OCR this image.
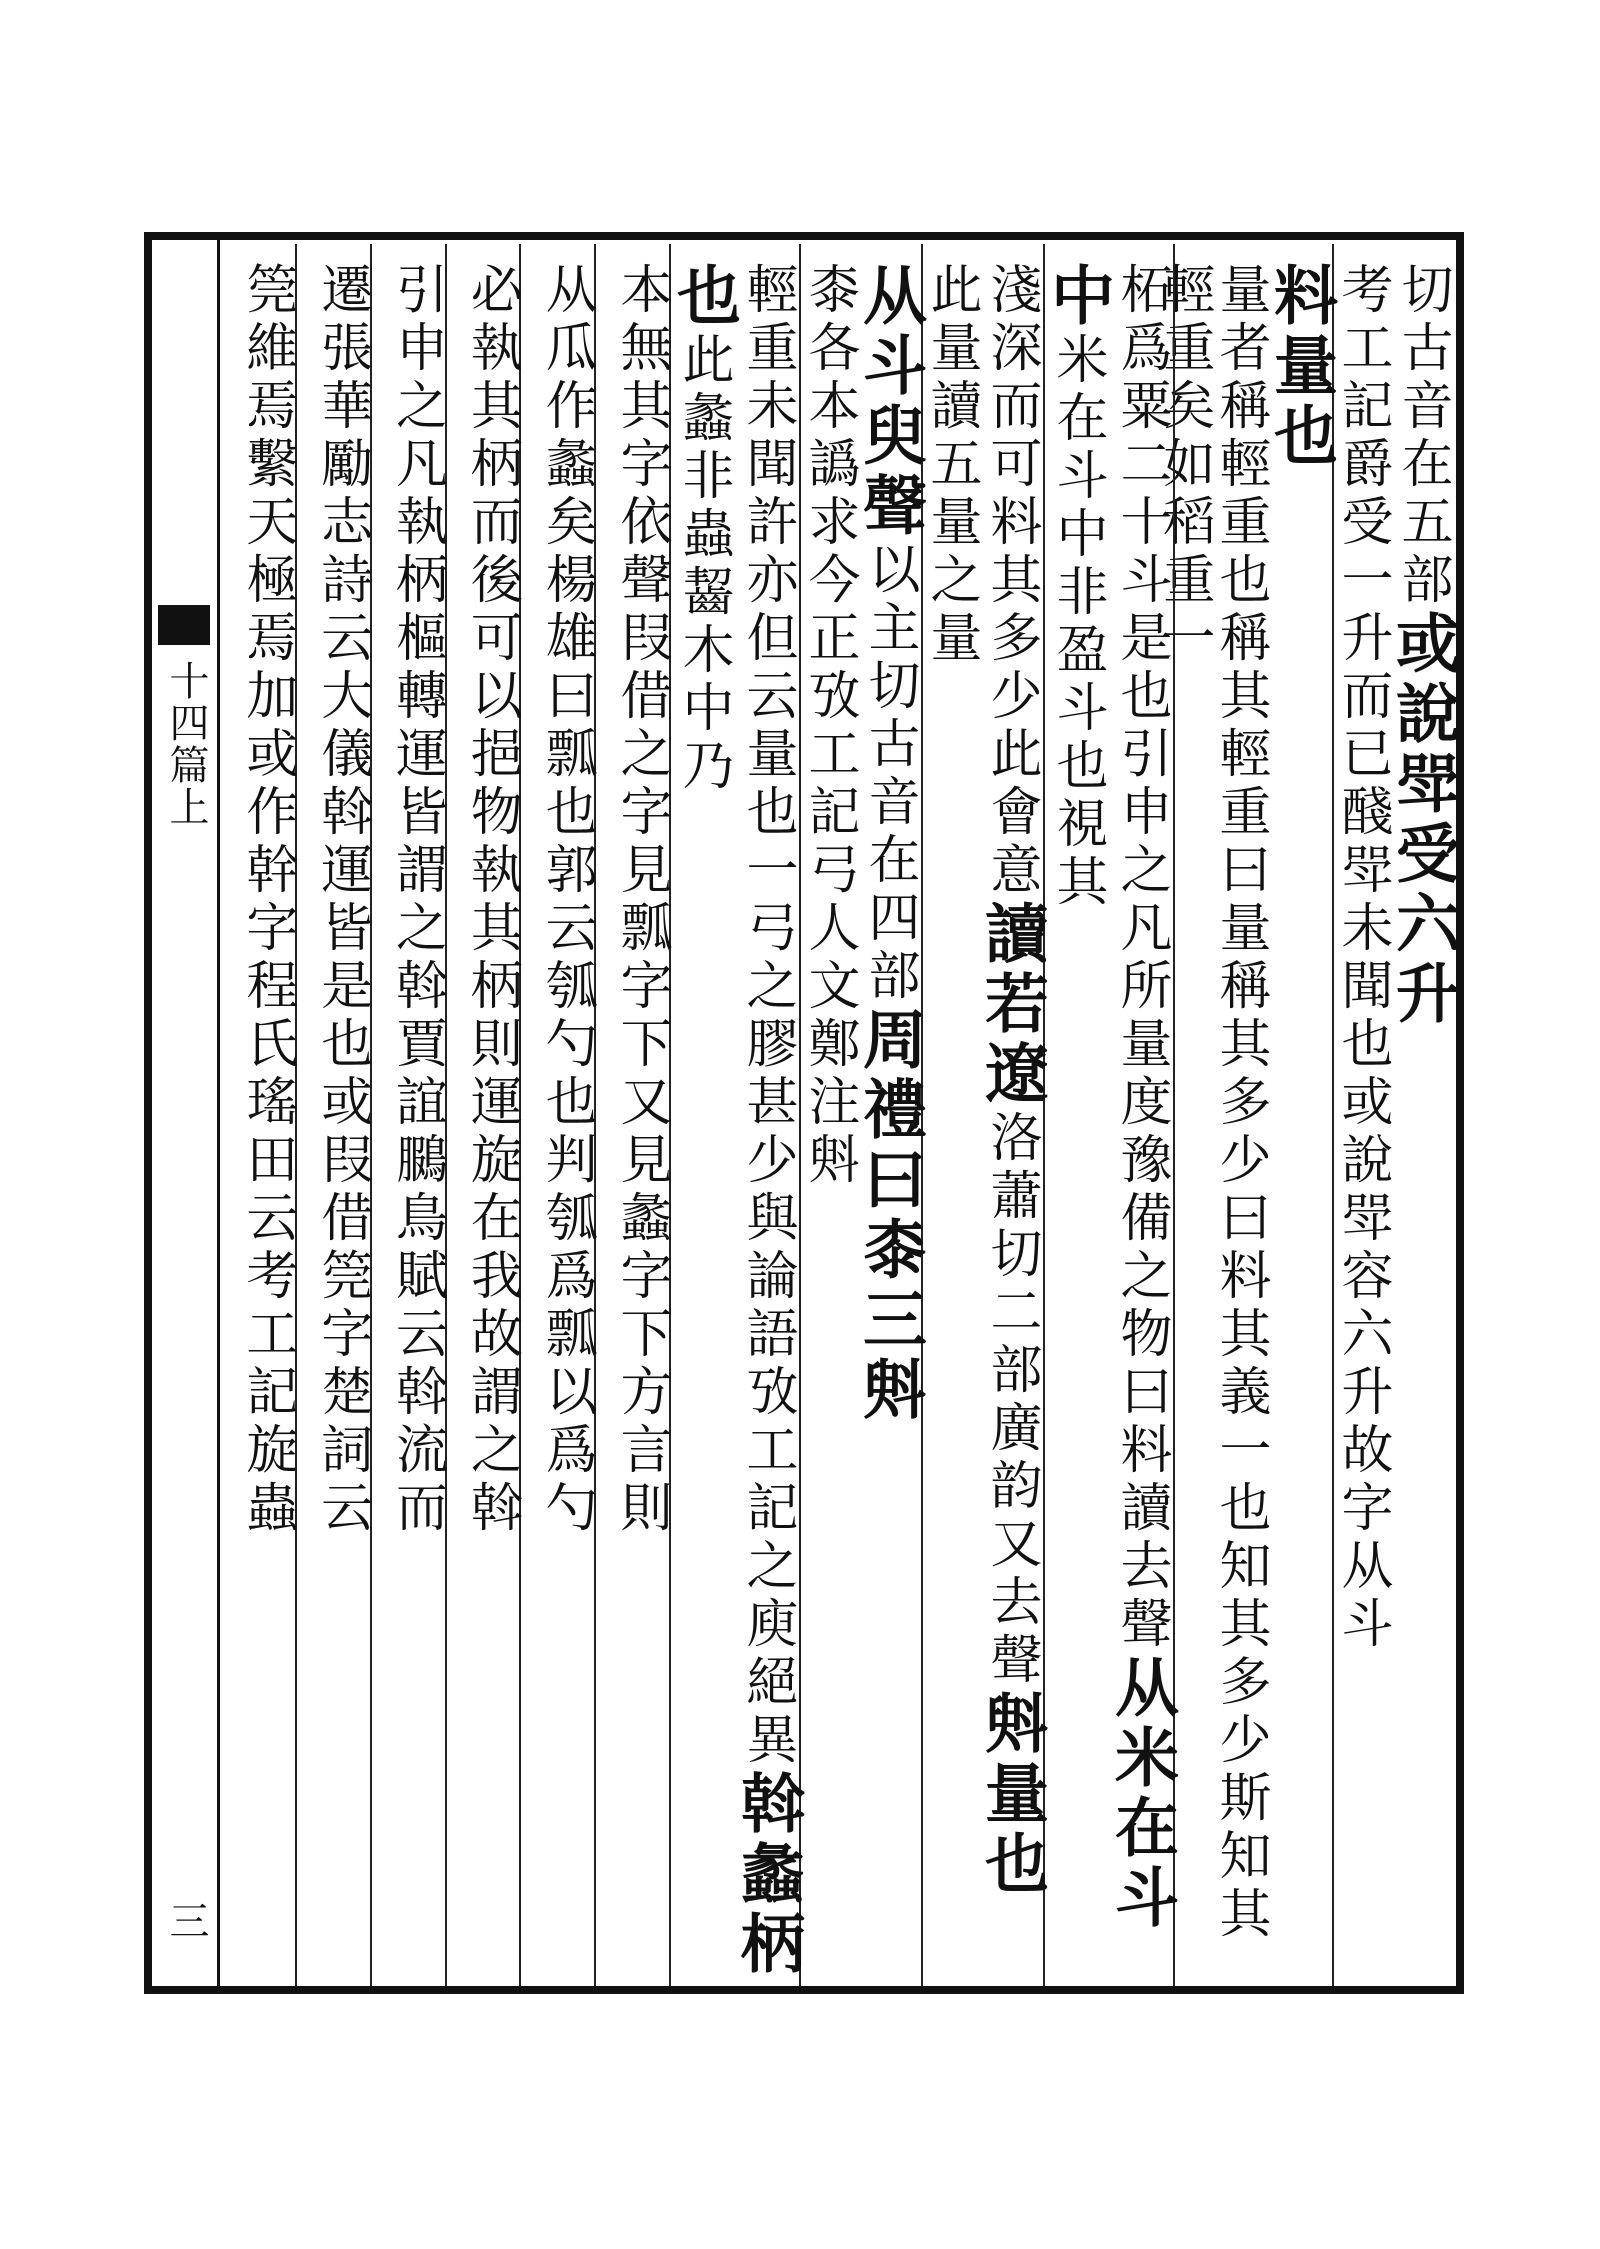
十四篇上
三
切古音在五部或說斝受六升考工記爵受一升而已醆斝未聞也或說斝容六升故字从斗
料量也量者稱輕重也稱其輕重曰量稱其多少曰料其義一也知其多少斯知其輕重矣如稻重一
柘爲粟二十斗是也引申之凡所量度豫備之物曰料讀去聲从米在斗中米在斗中非盈斗也視其
淺深而可料其多少此會意讀若遼洛蕭切二部廣韵又去聲斞量也此量讀五量之量
从斗臾聲以主切古音在四部周禮曰桼三斞桼各本譌求今正攷工記弓人文鄭注斞
輕重未聞許亦但云量也一弓之膠甚少與論語攷工記之庾絕異斡蠡柄也此蠡非蟲齧木中乃
本無其字依聲叚借之字見瓢字下又見蠡字下方言則
从瓜作蠡矣楊雄曰瓢也郭云瓠勺也判瓠爲瓢以爲勺
必執其柄而後可以挹物執其柄則運旋在我故謂之斡
引申之凡執柄樞轉運皆謂之斡賈誼鵩鳥賦云斡流而
遷張華勵志詩云大儀斡運皆是也或叚借筦字楚詞云
筦維焉繫天極焉加或作幹字程氏瑤田云考工記旋蟲
